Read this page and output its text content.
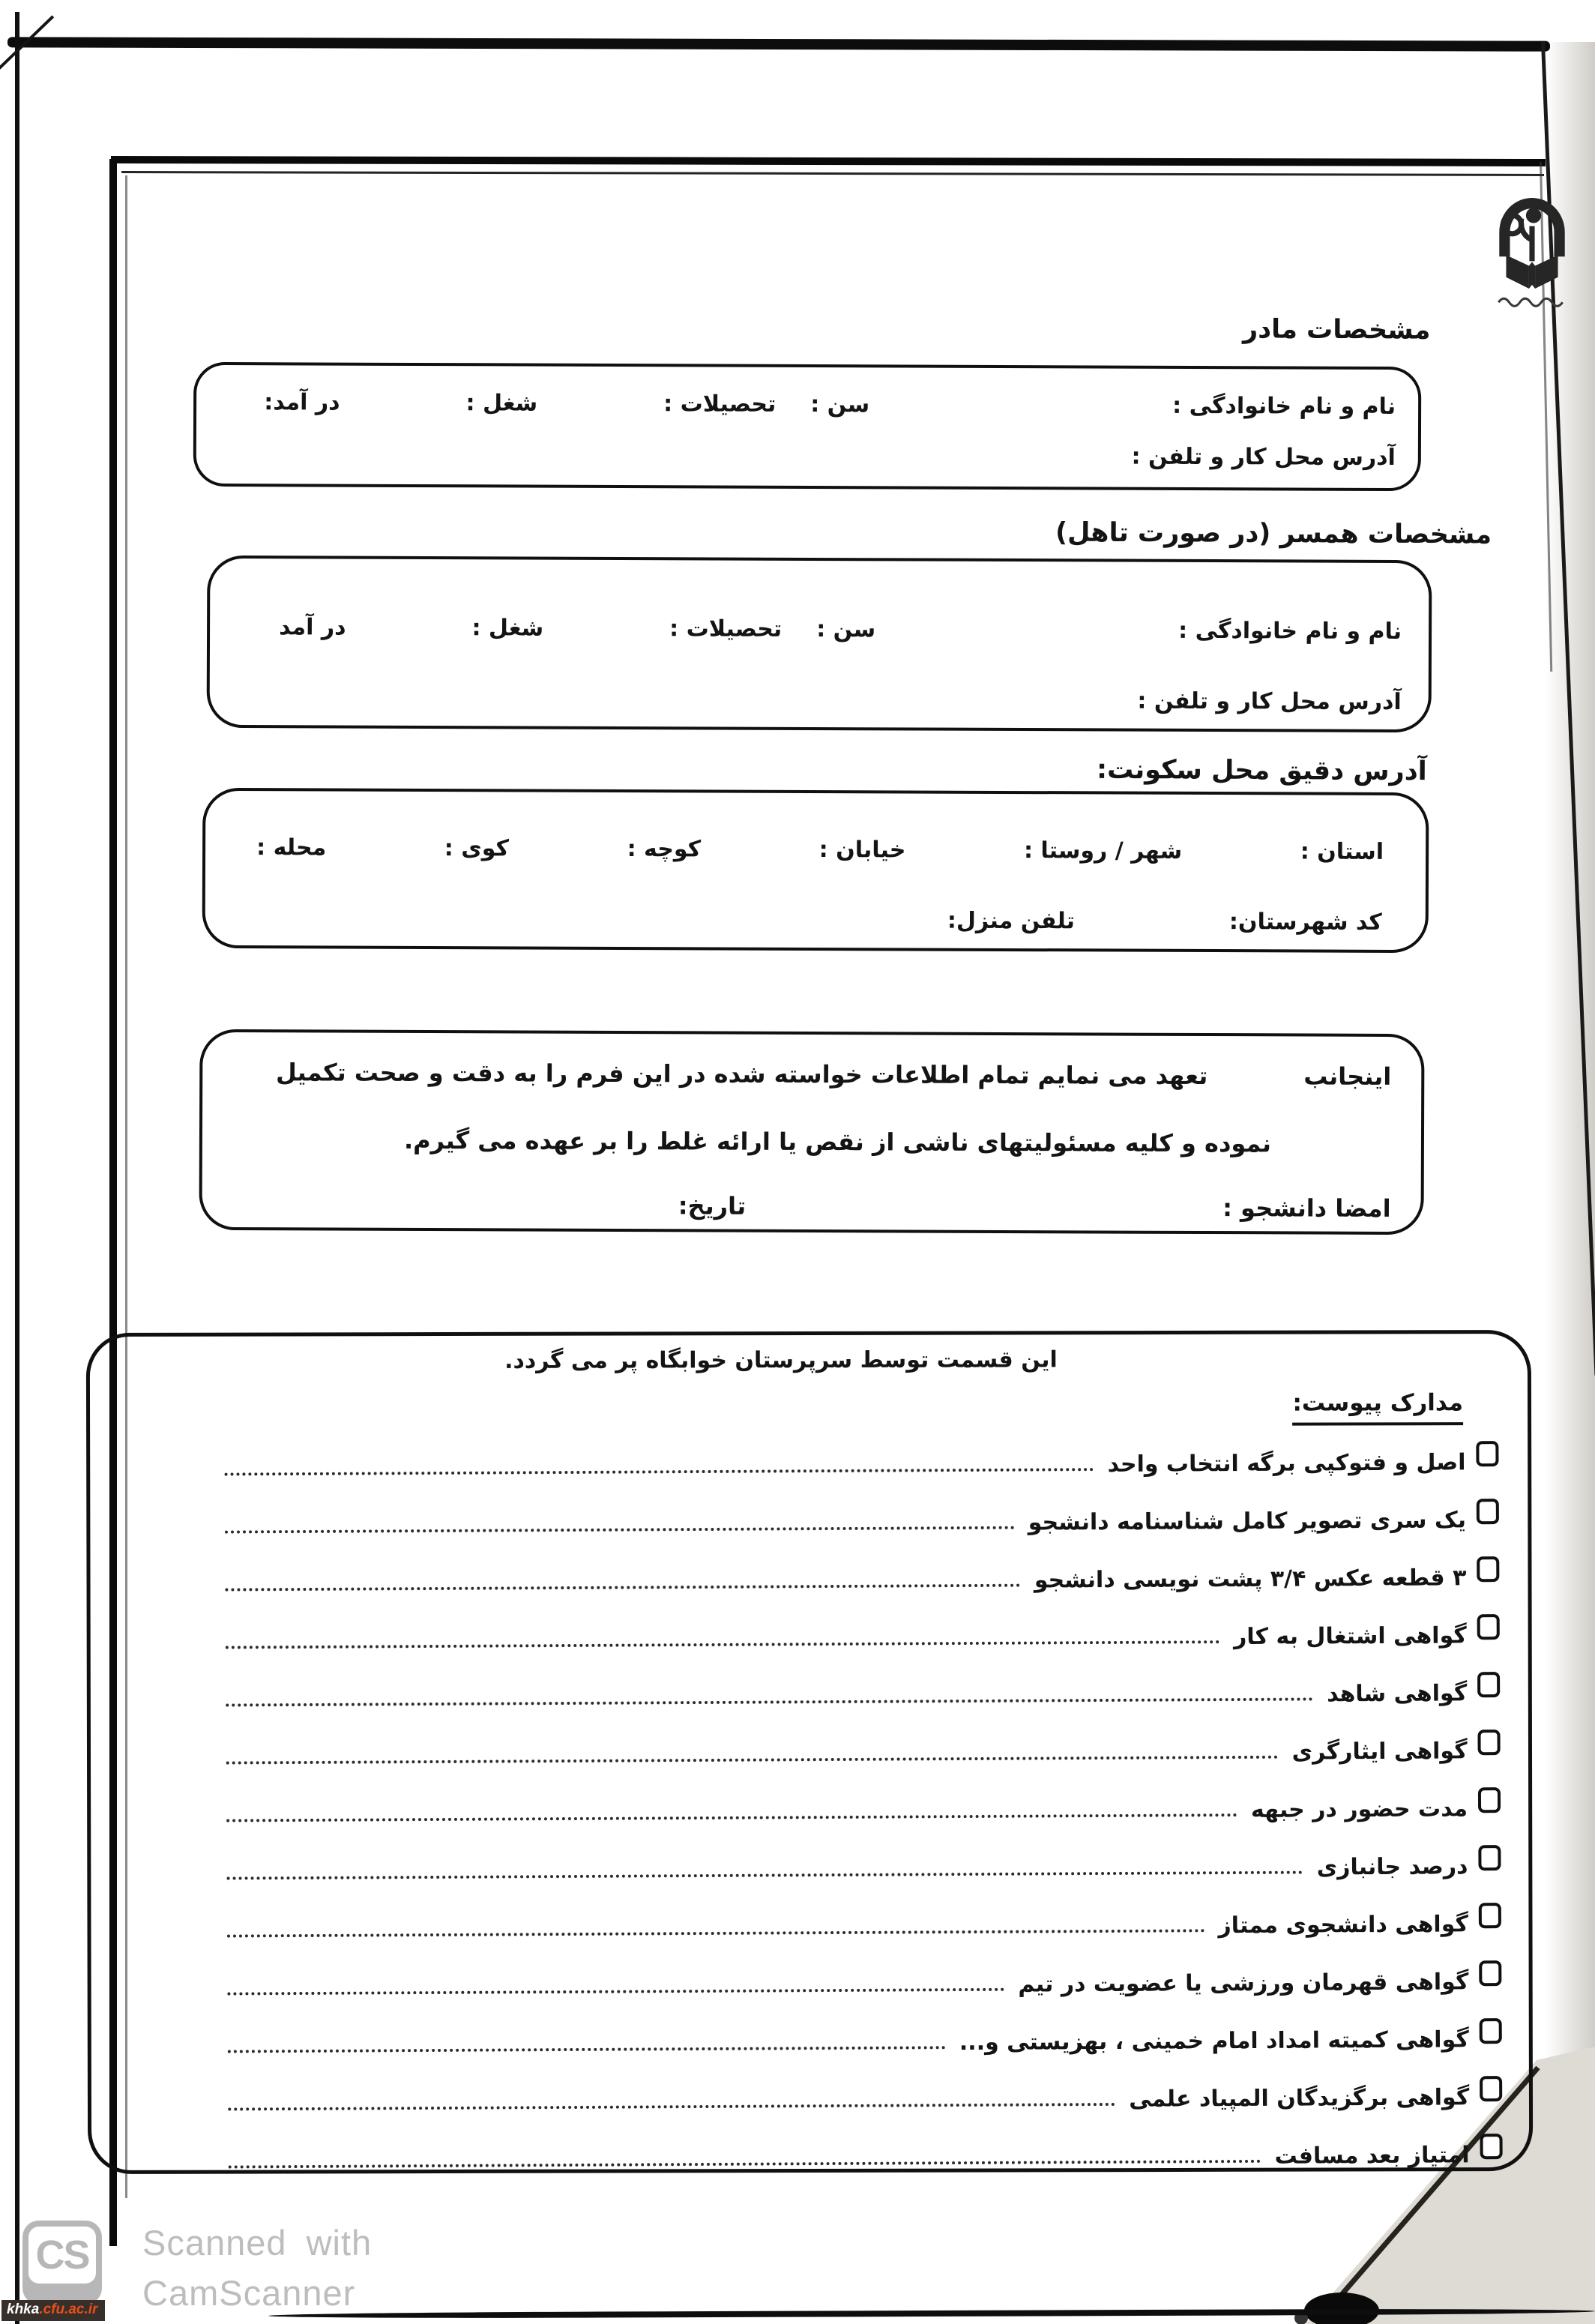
مشخصات مادر
نام و نام خانوادگی :
سن :
تحصیلات :
شغل :
در آمد:
آدرس محل کار و تلفن :
مشخصات همسر (در صورت تاهل)
نام و نام خانوادگی :
سن :
تحصیلات :
شغل :
در آمد
آدرس محل کار و تلفن :
آدرس دقیق محل سکونت:
استان :
شهر / روستا :
خیابان :
کوچه :
کوی :
محله :
کد شهرستان:
تلفن منزل:
اینجانب
تعهد می نمایم تمام اطلاعات خواسته شده در این فرم را به دقت و صحت تکمیل
نموده و کلیه مسئولیتهای ناشی از نقص یا ارائه غلط را بر عهده می گیرم.
امضا دانشجو :
تاریخ:
این قسمت توسط سرپرستان خوابگاه پر می گردد.
مدارک پیوست:
اصل و فتوکپی برگه انتخاب واحد
یک سری تصویر کامل شناسنامه دانشجو
۳ قطعه عکس ۳/۴ پشت نویسی دانشجو
گواهی اشتغال به کار
گواهی شاهد
گواهی ایثارگری
مدت حضور در جبهه
درصد جانبازی
گواهی دانشجوی ممتاز
گواهی قهرمان ورزشی یا عضویت در تیم
گواهی کمیته امداد امام خمینی ، بهزیستی و...
گواهی برگزیدگان المپیاد علمی
امتیاز بعد مسافت
CS Scanned with
CamScanner
khka.cfu.ac.ir
